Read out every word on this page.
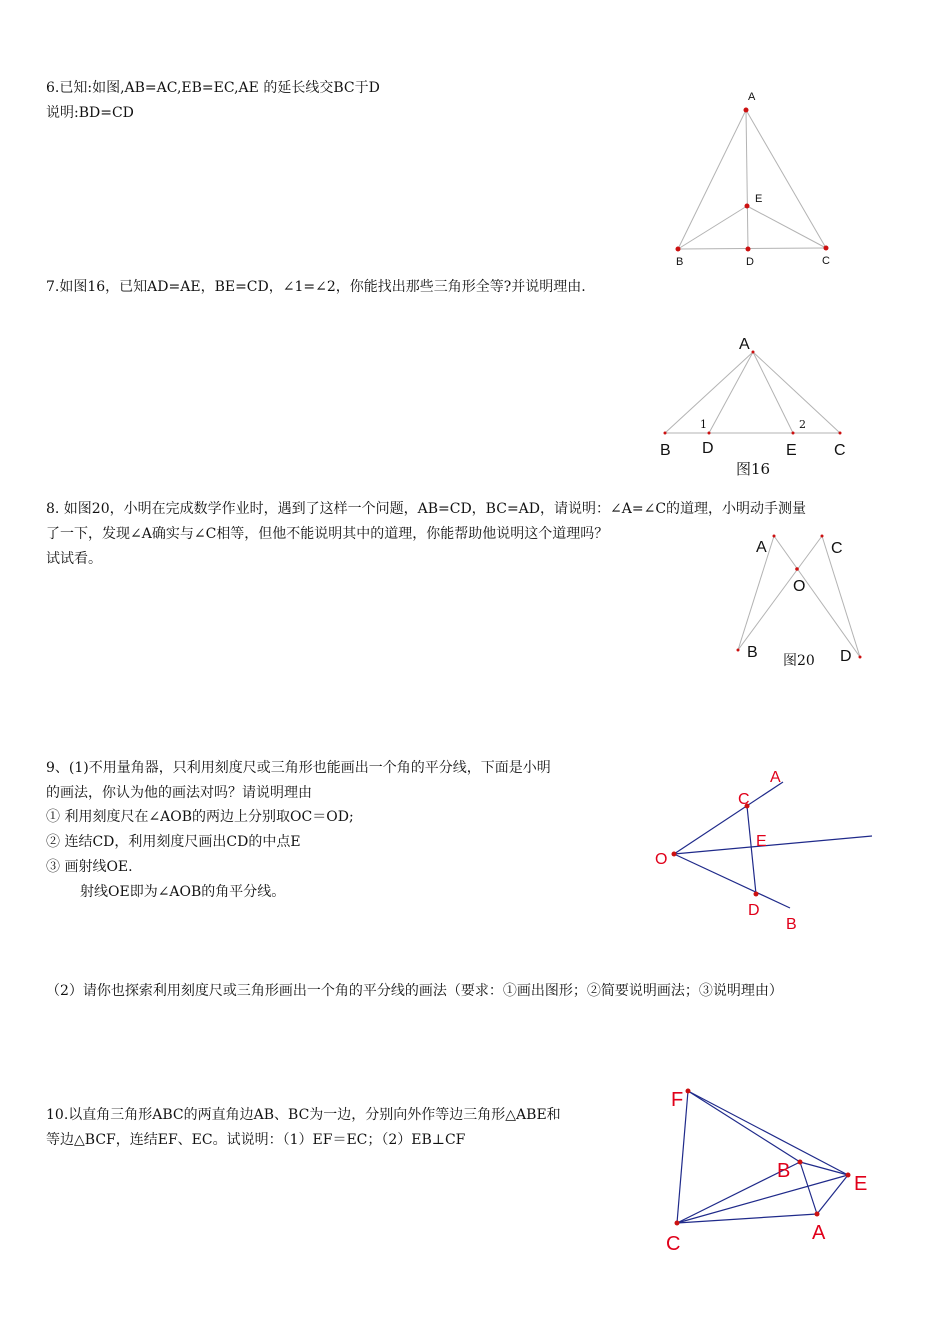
6.已知:如图,AB=AC,EB=EC,AE 的延长线交BC于D
说明:BD=CD
A
E
B	D	C
7.如图16，已知AD=AE，BE=CD，∠1=∠2，你能找出那些三角形全等?并说明理由.
A
B D	E C
1	2
图16
8. 如图20，小明在完成数学作业时，遇到了这样一个问题，AB=CD，BC=AD，请说明：∠A=∠C的道理，小明动手测量
了一下，发现∠A确实与∠C相等，但他不能说明其中的道理，你能帮助他说明这个道理吗？
试试看。
A	C
O
B	D
图20
9、(1)不用量角器，只利用刻度尺或三角形也能画出一个角的平分线，下面是小明
的画法，你认为他的画法对吗？请说明理由
① 利用刻度尺在∠AOB的两边上分别取OC＝OD;
② 连结CD，利用刻度尺画出CD的中点E
③ 画射线OE.
射线OE即为∠AOB的角平分线。
A
C
E
O
D
B
（2）请你也探索利用刻度尺或三角形画出一个角的平分线的画法（要求：①画出图形；②简要说明画法；③说明理由）
10.以直角三角形ABC的两直角边AB、BC为一边，分别向外作等边三角形△ABE和
等边△BCF，连结EF、EC。试说明：（1）EF＝EC；（2）EB⊥CF
F
B
E
C	A
